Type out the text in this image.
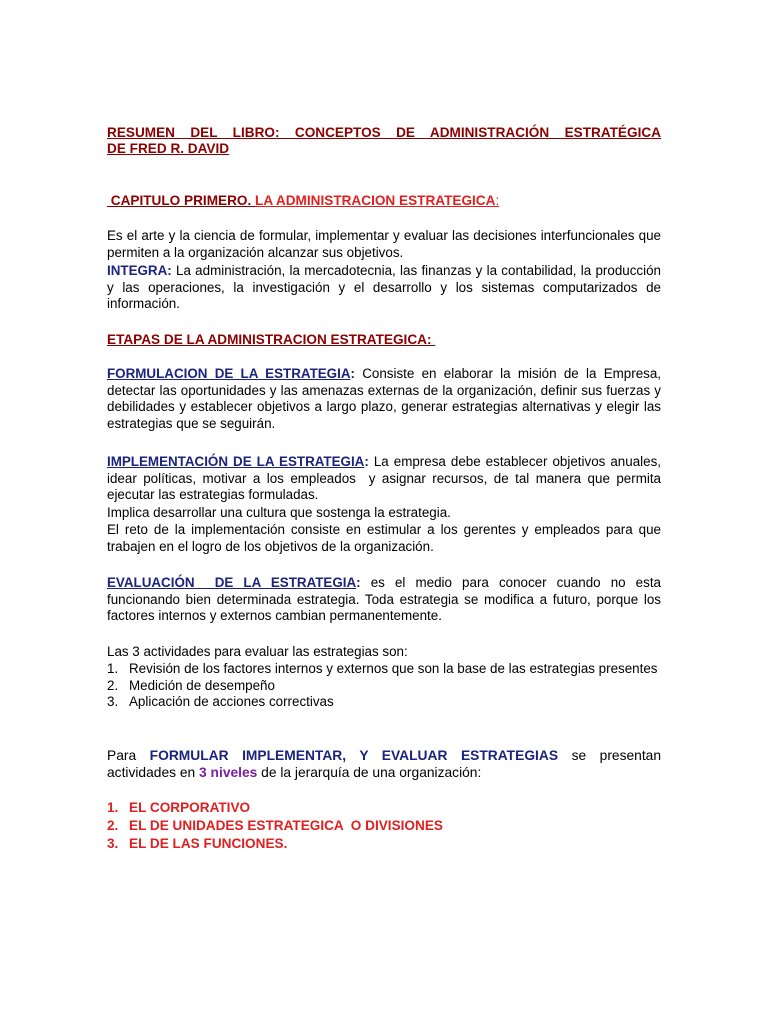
RESUMEN DEL LIBRO: CONCEPTOS DE ADMINISTRACIÓN ESTRATÉGICA
DE FRED R. DAVID
CAPITULO PRIMERO. LA ADMINISTRACION ESTRATEGICA:
Es el arte y la ciencia de formular, implementar y evaluar las decisiones interfuncionales que permiten a la organización alcanzar sus objetivos.
INTEGRA: La administración, la mercadotecnia, las finanzas y la contabilidad, la producción y las operaciones, la investigación y el desarrollo y los sistemas computarizados de información.
ETAPAS DE LA ADMINISTRACION ESTRATEGICA:
FORMULACION DE LA ESTRATEGIA: Consiste en elaborar la misión de la Empresa, detectar las oportunidades y las amenazas externas de la organización, definir sus fuerzas y debilidades y establecer objetivos a largo plazo, generar estrategias alternativas y elegir las estrategias que se seguirán.
IMPLEMENTACIÓN DE LA ESTRATEGIA: La empresa debe establecer objetivos anuales, idear políticas, motivar a los empleados  y asignar recursos, de tal manera que permita ejecutar las estrategias formuladas.
Implica desarrollar una cultura que sostenga la estrategia.
El reto de la implementación consiste en estimular a los gerentes y empleados para que trabajen en el logro de los objetivos de la organización.
EVALUACIÓN  DE LA ESTRATEGIA: es el medio para conocer cuando no esta funcionando bien determinada estrategia. Toda estrategia se modifica a futuro, porque los factores internos y externos cambian permanentemente.
Las 3 actividades para evaluar las estrategias son:
1. Revisión de los factores internos y externos que son la base de las estrategias presentes
2. Medición de desempeño
3. Aplicación de acciones correctivas
Para FORMULAR IMPLEMENTAR, Y EVALUAR ESTRATEGIAS se presentan actividades en 3 niveles de la jerarquía de una organización:
1. EL CORPORATIVO
2. EL DE UNIDADES ESTRATEGICA  O DIVISIONES
3. EL DE LAS FUNCIONES.
